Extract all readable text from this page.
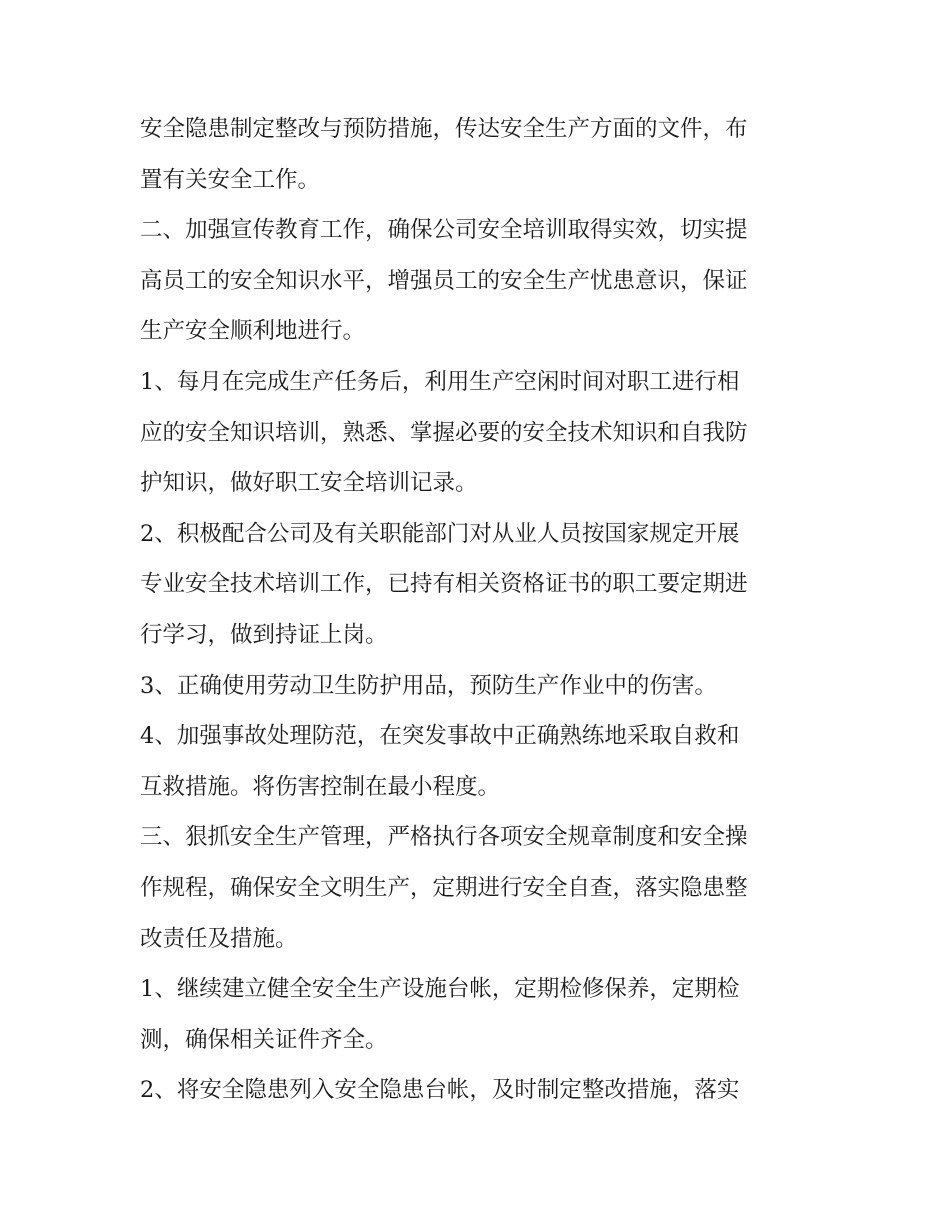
安全隐患制定整改与预防措施，传达安全生产方面的文件，布
置有关安全工作。
二、加强宣传教育工作，确保公司安全培训取得实效，切实提
高员工的安全知识水平，增强员工的安全生产忧患意识，保证
生产安全顺利地进行。
1、每月在完成生产任务后，利用生产空闲时间对职工进行相
应的安全知识培训，熟悉、掌握必要的安全技术知识和自我防
护知识，做好职工安全培训记录。
2、积极配合公司及有关职能部门对从业人员按国家规定开展
专业安全技术培训工作，已持有相关资格证书的职工要定期进
行学习，做到持证上岗。
3、正确使用劳动卫生防护用品，预防生产作业中的伤害。
4、加强事故处理防范，在突发事故中正确熟练地采取自救和
互救措施。将伤害控制在最小程度。
三、狠抓安全生产管理，严格执行各项安全规章制度和安全操
作规程，确保安全文明生产，定期进行安全自查，落实隐患整
改责任及措施。
1、继续建立健全安全生产设施台帐，定期检修保养，定期检
测，确保相关证件齐全。
2、将安全隐患列入安全隐患台帐，及时制定整改措施，落实
